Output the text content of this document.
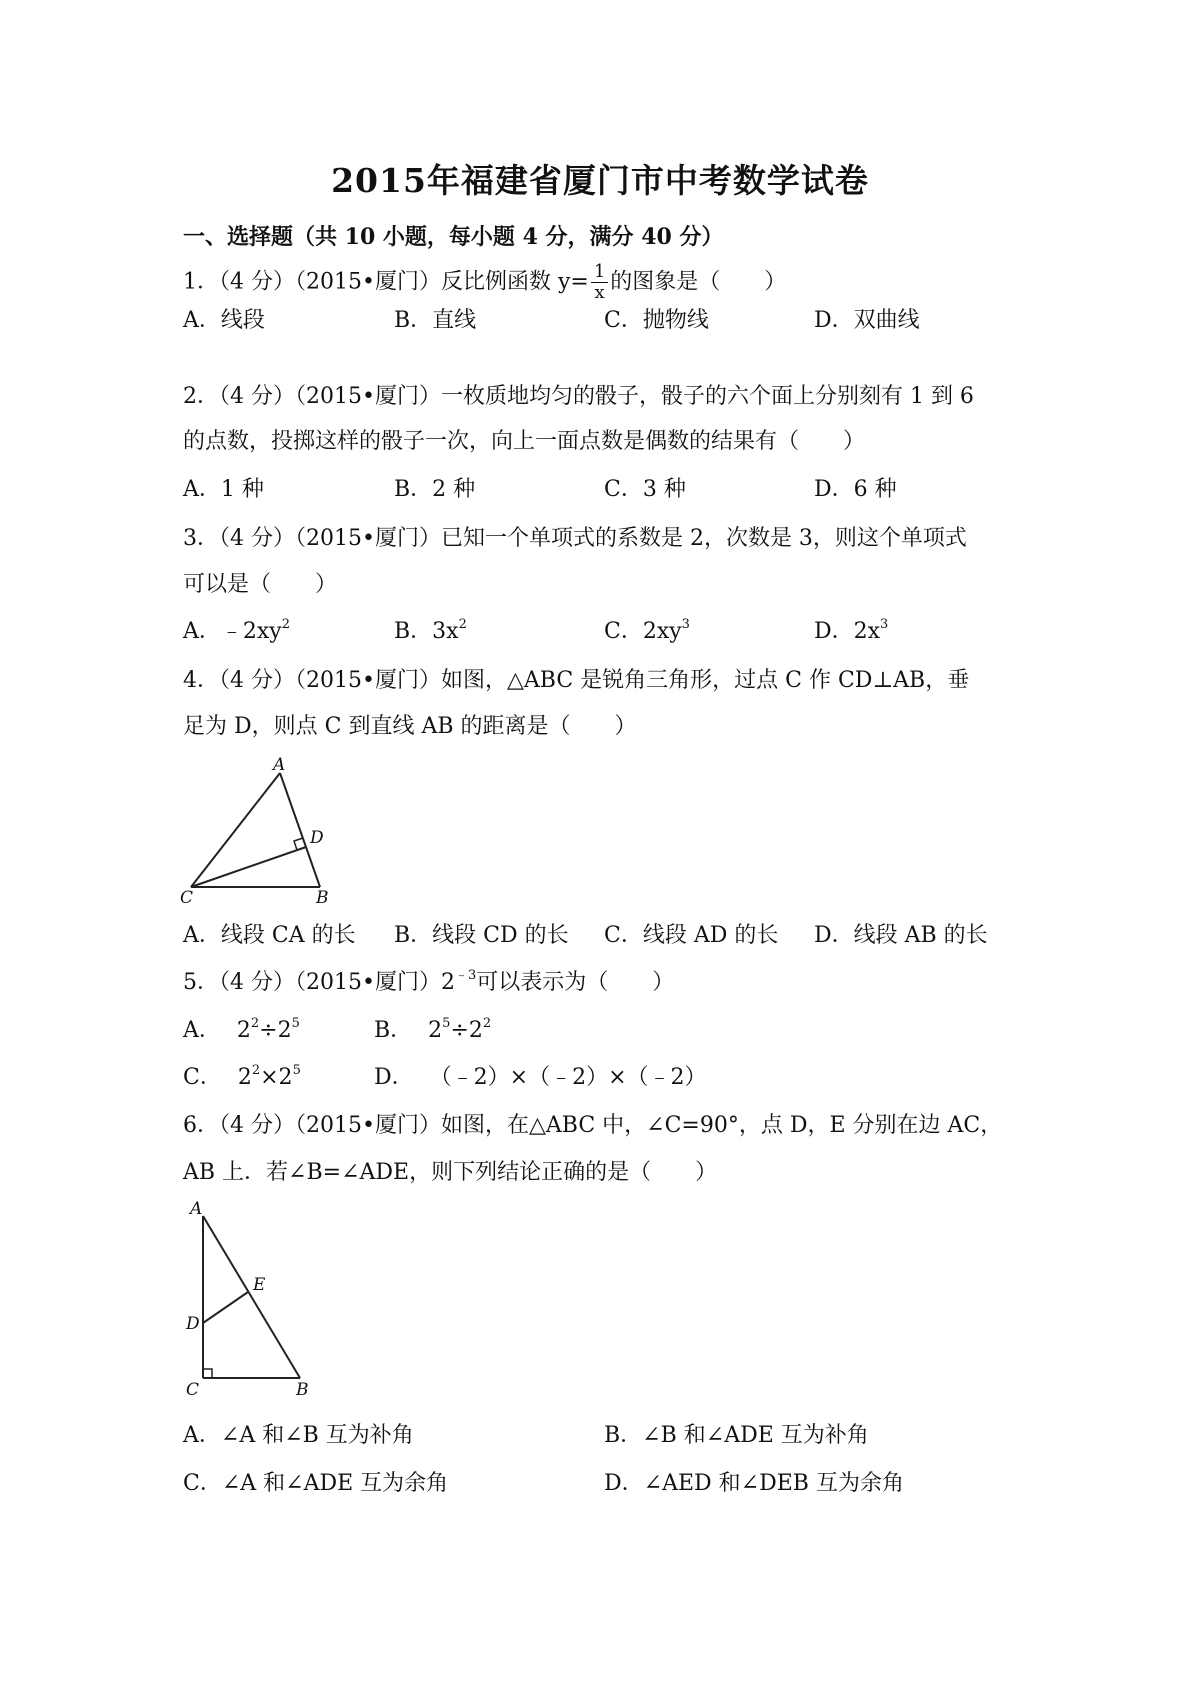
2015年福建省厦门市中考数学试卷
一、选择题（共 10 小题，每小题 4 分，满分 40 分）
1．（4 分）（2015•厦门）反比例函数 $y= \frac{1}{x}$ 的图象是（　　）
A．线段	B．直线	C．抛物线	D．双曲线
2．（4 分）（2015•厦门）一枚质地均匀的骰子，骰子的六个面上分别刻有 1 到 6
的点数，投掷这样的骰子一次，向上一面点数是偶数的结果有（　　）
A．1 种	B．2 种	C．3 种	D．6 种
3．（4 分）（2015•厦门）已知一个单项式的系数是 2，次数是 3，则这个单项式
可以是（　　）
A．$﹣2xy^2$	B．$3x^2$	C．$2xy^3$	D．$2x^3$
4．（4 分）（2015•厦门）如图，△ABC 是锐角三角形，过点 C 作 CD⊥AB，垂
足为 D，则点 C 到直线 AB 的距离是（　　）
A
D
C	B
A．线段 CA 的长 B．线段 CD 的长 C．线段 AD 的长 D．线段 AB 的长
5．（4 分）（2015•厦门）$2^{﹣3}$可以表示为（　　）
A． $2^2\div 2^5$	B． $2^5\div 2^2$
C． $2^2\times 2^5$	D． （﹣2）×（﹣2）×（﹣2）
6．（4 分）（2015•厦门）如图，在△ABC 中，∠C=90°，点 D，E 分别在边 AC，
AB 上．若∠B=∠ADE，则下列结论正确的是（　　）
A
E
D
C	B
A．∠A 和∠B 互为补角	B．∠B 和∠ADE 互为补角
C．∠A 和∠ADE 互为余角	D．∠AED 和∠DEB 互为余角
